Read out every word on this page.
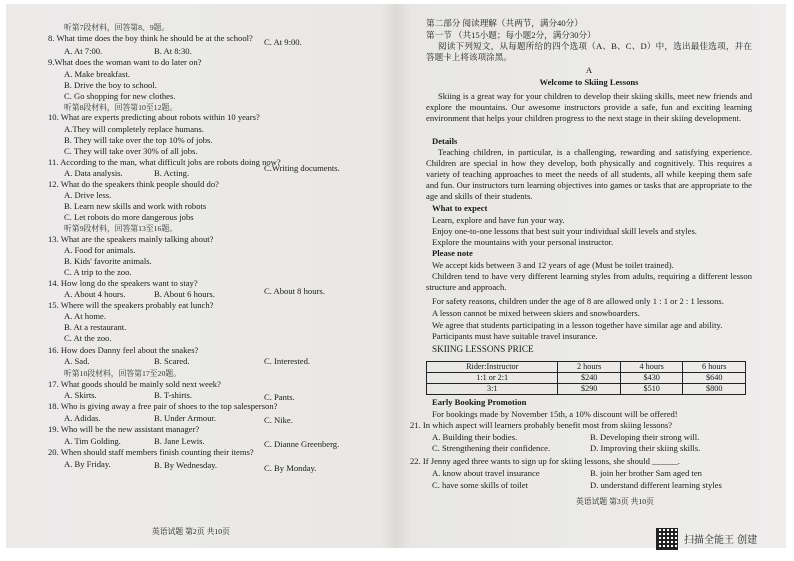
听第7段材料，回答第8、9题。
8. What time does the boy think he should be at the school?
A. At 7:00.	B. At 8:30.
C. At 9:00.
9.What does the woman want to do later on?
A. Make breakfast.
B. Drive the boy to school.
C. Go shopping for new clothes.
听第8段材料，回答第10至12题。
10. What are experts predicting about robots within 10 years?
A.They will completely replace humans.
B. They will take over the top 10% of jobs.
C. They will take over 30% of all jobs.
11. According to the man, what difficult jobs are robots doing now?
A. Data analysis.	B. Acting.	C.Writing documents.
12. What do the speakers think people should do?
A. Drive less.
B. Learn new skills and work with robots
C. Let robots do more dangerous jobs
听第9段材料，回答第13至16题。
13. What are the speakers mainly talking about?
A. Food for animals.
B. Kids' favorite animals.
C. A trip to the zoo.
14. How long do the speakers want to stay?
A. About 4 hours.	B. About 6 hours.	C. About 8 hours.
15. Where will the speakers probably eat lunch?
A. At home.
B. At a restaurant.
C. At the zoo.
16. How does Danny feel about the snakes?
A. Sad.	B. Scared.	C. Interested.
听第10段材料，回答第17至20题。
17. What goods should be mainly sold next week?
A. Skirts.	B. T-shirts.	C. Pants.
18. Who is giving away a free pair of shoes to the top salesperson?
A. Adidas.	B. Under Armour.	C. Nike.
19. Who will be the new assistant manager?
A. Tim Golding.	B. Jane Lewis.	C. Dianne Greenberg.
20. When should staff members finish counting their items?
A. By Friday.	B. By Wednesday.	C. By Monday.
英语试题 第2页 共10页
第二部分 阅读理解（共两节，满分40分）
第一节 （共15小题；每小题2分，满分30分）
阅读下列短文，从每题所给的四个选项（A、B、C、D）中，选出最佳选项，并在答题卡上将该项涂黑。
A
Welcome to Skiing Lessons
Skiing is a great way for your children to develop their skiing skills, meet new friends and explore the mountains. Our awesome instructors provide a safe, fun and exciting learning environment that helps your children progress to the next stage in their skiing development.
Details
Teaching children, in particular, is a challenging, rewarding and satisfying experience. Children are special in how they develop, both physically and cognitively. This requires a variety of teaching approaches to meet the needs of all students, all while keeping them safe and fun. Our instructors turn learning objectives into games or tasks that are appropriate to the age and skills of their students.
What to expect
Learn, explore and have fun your way.
Enjoy one-to-one lessons that best suit your individual skill levels and styles.
Explore the mountains with your personal instructor.
Please note
We accept kids between 3 and 12 years of age (Must be toilet trained).
Children tend to have very different learning styles from adults, requiring a different lesson structure and approach.
For safety reasons, children under the age of 8 are allowed only 1 : 1 or 2 : 1 lessons.
A lesson cannot be mixed between skiers and snowboarders.
We agree that students participating in a lesson together have similar age and ability.
Participants must have suitable travel insurance.
SKIING LESSONS PRICE
Rider:Instructor	2 hours	4 hours	6 hours
1:1 or 2:1	$240	$430	$640
3:1	$290	$510	$800
Early Booking Promotion
For bookings made by November 15th, a 10% discount will be offered!
21. In which aspect will learners probably benefit most from skiing lessons?
A. Building their bodies.	B. Developing their strong will.
C. Strengthening their confidence.	D. Improving their skiing skills.
22. If Jenny aged three wants to sign up for skiing lessons, she should ______.
A. know about travel insurance	B. join her brother Sam aged ten
C. have some skills of toilet	D. understand different learning styles
英语试题 第3页 共10页
扫描全能王 创建
